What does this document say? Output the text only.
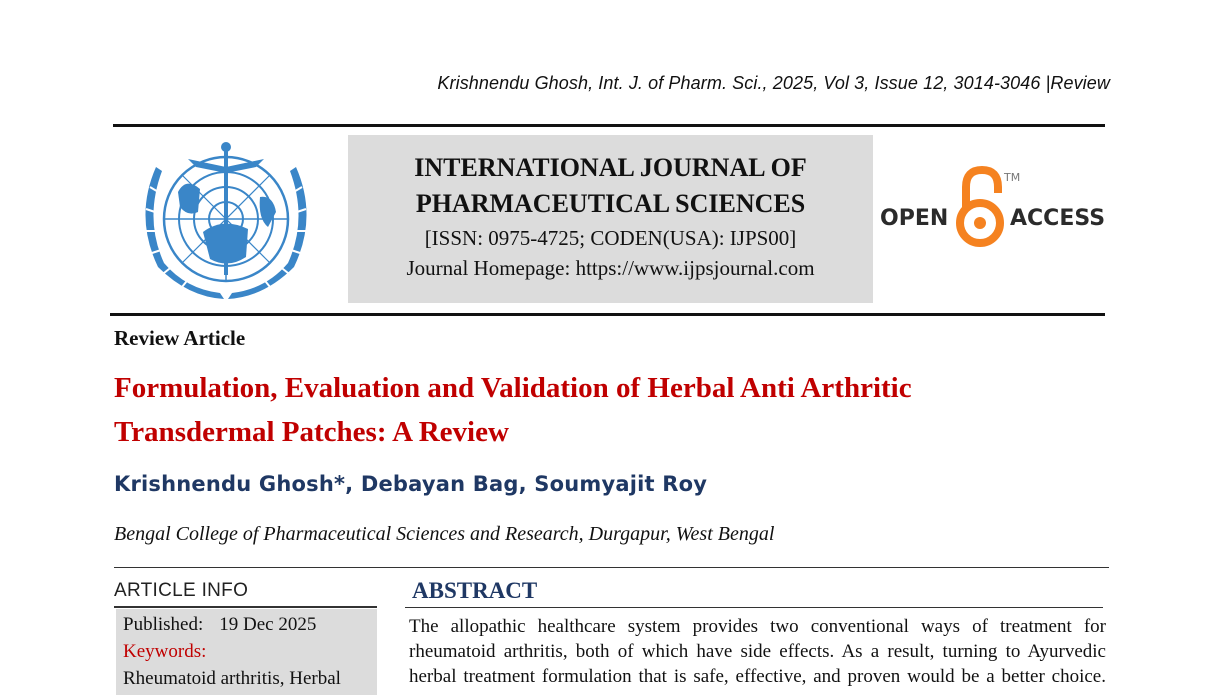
Krishnendu Ghosh, Int. J. of Pharm. Sci., 2025, Vol 3, Issue 12, 3014-3046 |Review
INTERNATIONAL JOURNAL OF
PHARMACEUTICAL SCIENCES
[ISSN: 0975-4725; CODEN(USA): IJPS00]
Journal Homepage: https://www.ijpsjournal.com
OPEN
TM
ACCESS
Review Article
Formulation, Evaluation and Validation of Herbal Anti Arthritic
Transdermal Patches: A Review
Krishnendu Ghosh*, Debayan Bag, Soumyajit Roy
Bengal College of Pharmaceutical Sciences and Research, Durgapur, West Bengal
ARTICLE INFO
Published: 19 Dec 2025
Keywords:
Rheumatoid arthritis, Herbal
ABSTRACT
The allopathic healthcare system provides two conventional ways of treatment for rheumatoid arthritis, both of which have side effects. As a result, turning to Ayurvedic herbal treatment formulation that is safe, effective, and proven would be a better choice.
